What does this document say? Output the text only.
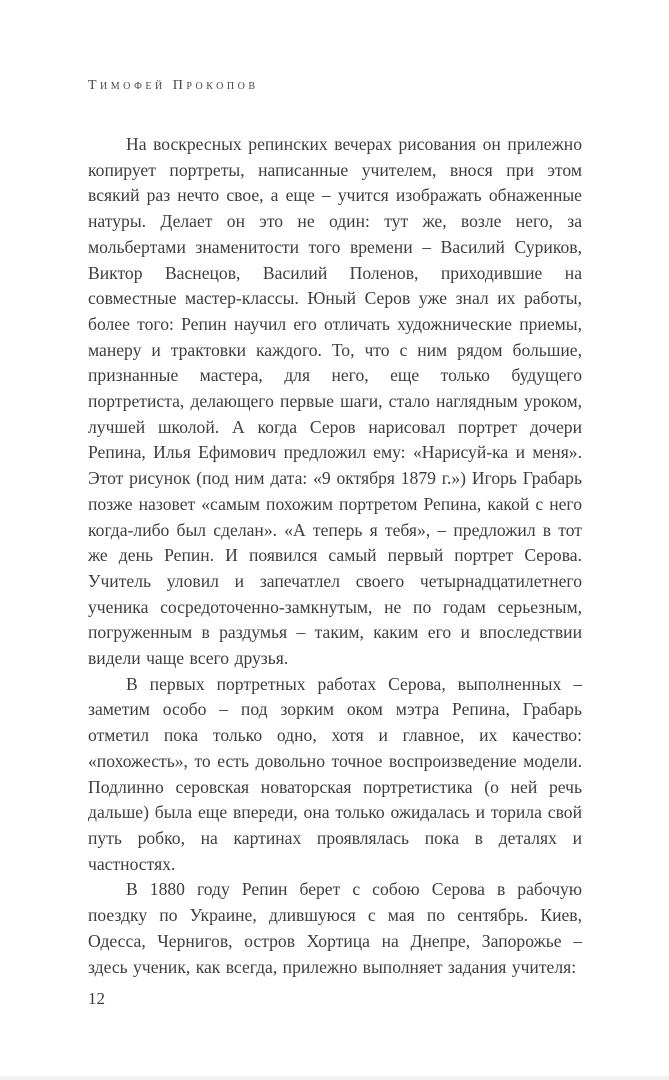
Тимофей Прокопов

На воскресных репинских вечерах рисования он прилежно копирует портреты, написанные учителем, внося при этом всякий раз нечто свое, а еще – учится изображать обнаженные натуры. Делает он это не один: тут же, возле него, за мольбертами знаменитости того времени – Василий Суриков, Виктор Васнецов, Василий Поленов, приходившие на совместные мастер-классы. Юный Серов уже знал их работы, более того: Репин научил его отличать художнические приемы, манеру и трактовки каждого. То, что с ним рядом большие, признанные мастера, для него, еще только будущего портретиста, делающего первые шаги, стало наглядным уроком, лучшей школой. А когда Серов нарисовал портрет дочери Репина, Илья Ефимович предложил ему: «Нарисуй-ка и меня». Этот рисунок (под ним дата: «9 октября 1879 г.») Игорь Грабарь позже назовет «самым похожим портретом Репина, какой с него когда-либо был сделан». «А теперь я тебя», – предложил в тот же день Репин. И появился самый первый портрет Серова. Учитель уловил и запечатлел своего четырнадцатилетнего ученика сосредоточенно-замкнутым, не по годам серьезным, погруженным в раздумья – таким, каким его и впоследствии видели чаще всего друзья.

В первых портретных работах Серова, выполненных – заметим особо – под зорким оком мэтра Репина, Грабарь отметил пока только одно, хотя и главное, их качество: «похожесть», то есть довольно точное воспроизведение модели. Подлинно серовская новаторская портретистика (о ней речь дальше) была еще впереди, она только ожидалась и торила свой путь робко, на картинах проявлялась пока в деталях и частностях.

В 1880 году Репин берет с собою Серова в рабочую поездку по Украине, длившуюся с мая по сентябрь. Киев, Одесса, Чернигов, остров Хортица на Днепре, Запорожье – здесь ученик, как всегда, прилежно выполняет задания учителя:

12
